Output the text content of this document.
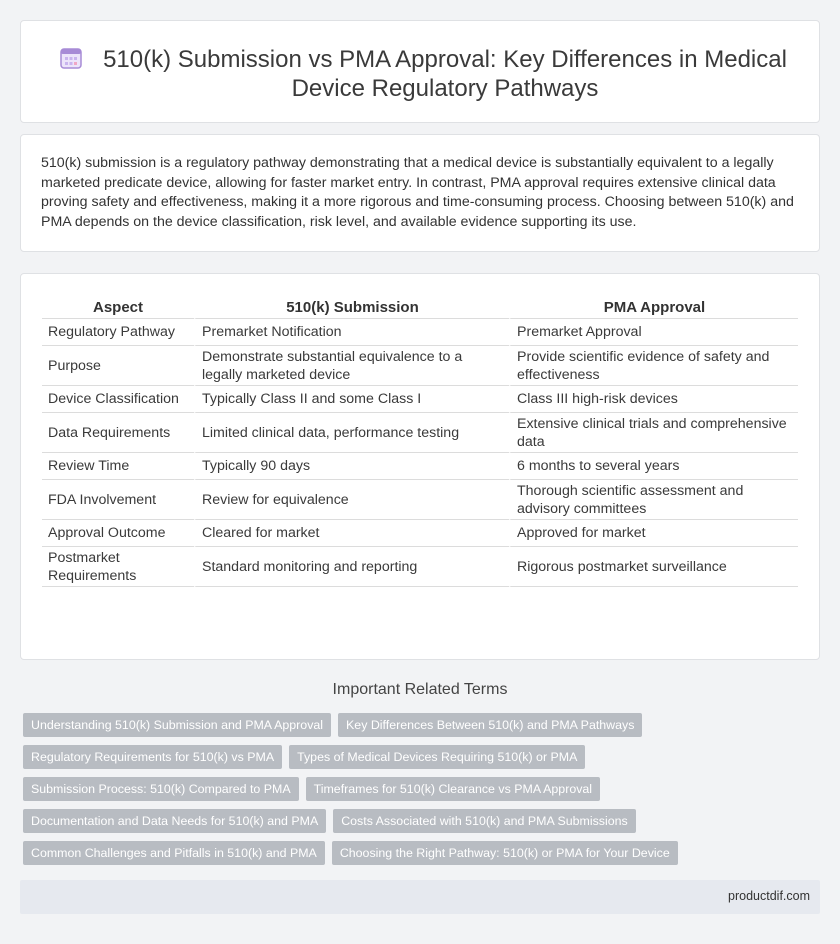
510(k) Submission vs PMA Approval: Key Differences in Medical Device Regulatory Pathways

510(k) submission is a regulatory pathway demonstrating that a medical device is substantially equivalent to a legally marketed predicate device, allowing for faster market entry. In contrast, PMA approval requires extensive clinical data proving safety and effectiveness, making it a more rigorous and time-consuming process. Choosing between 510(k) and PMA depends on the device classification, risk level, and available evidence supporting its use.

Aspect	510(k) Submission	PMA Approval
Regulatory Pathway	Premarket Notification	Premarket Approval
Purpose	Demonstrate substantial equivalence to a legally marketed device	Provide scientific evidence of safety and effectiveness
Device Classification	Typically Class II and some Class I	Class III high-risk devices
Data Requirements	Limited clinical data, performance testing	Extensive clinical trials and comprehensive data
Review Time	Typically 90 days	6 months to several years
FDA Involvement	Review for equivalence	Thorough scientific assessment and advisory committees
Approval Outcome	Cleared for market	Approved for market
Postmarket Requirements	Standard monitoring and reporting	Rigorous postmarket surveillance
Important Related Terms
Understanding 510(k) Submission and PMA Approval	Key Differences Between 510(k) and PMA Pathways
Regulatory Requirements for 510(k) vs PMA	Types of Medical Devices Requiring 510(k) or PMA
Submission Process: 510(k) Compared to PMA	Timeframes for 510(k) Clearance vs PMA Approval
Documentation and Data Needs for 510(k) and PMA	Costs Associated with 510(k) and PMA Submissions
Common Challenges and Pitfalls in 510(k) and PMA	Choosing the Right Pathway: 510(k) or PMA for Your Device
productdif.com
